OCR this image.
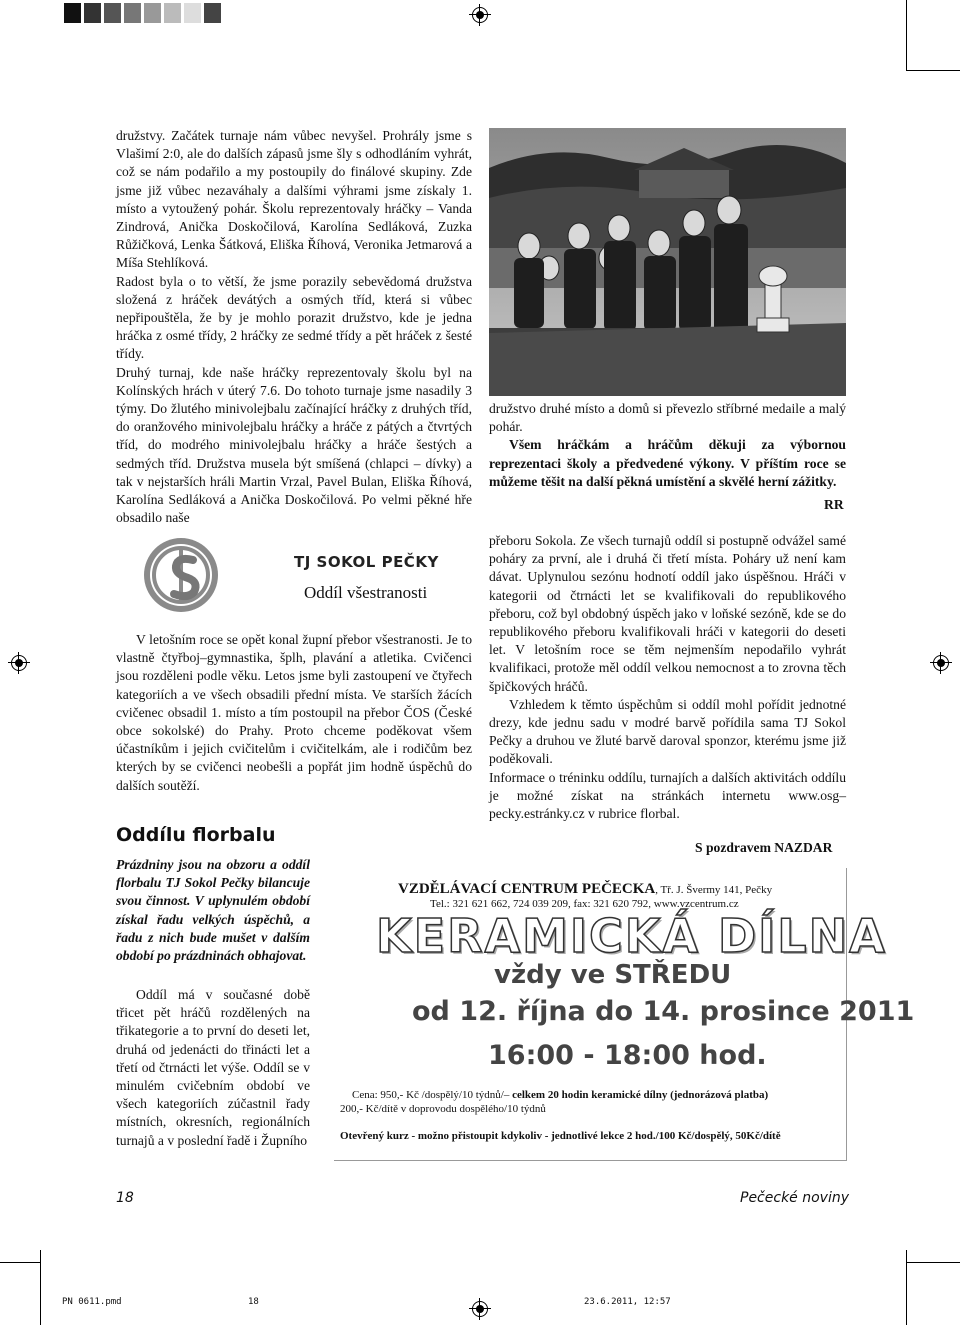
družstvy. Začátek turnaje nám vůbec nevyšel. Prohrály jsme s Vlašimí 2:0, ale do dalších zápasů jsme šly s odhodláním vyhrát, což se nám podařilo a my postoupily do finálové skupiny. Zde jsme již vůbec nezaváhaly a dalšími výhrami jsme získaly 1. místo a vytoužený pohár. Školu reprezentovaly hráčky – Vanda Zindrová, Anička Doskočilová, Karolína Sedláková, Zuzka Růžičková, Lenka Šátková, Eliška Říhová, Veronika Jetmarová a Míša Stehlíková.

Radost byla o to větší, že jsme porazily sebevědomá družstva složená z hráček devátých a osmých tříd, která si vůbec nepřipouštěla, že by je mohlo porazit družstvo, kde je jedna hráčka z osmé třídy, 2 hráčky ze sedmé třídy a pět hráček z šesté třídy.

Druhý turnaj, kde naše hráčky reprezentovaly školu byl na Kolínských hrách v úterý 7.6. Do tohoto turnaje jsme nasadily 3 týmy. Do žlutého minivolejbalu začínající hráčky z druhých tříd, do oranžového minivolejbalu hráčky a hráče z pátých a čtvrtých tříd, do modrého minivolejbalu hráčky a hráče šestých a sedmých tříd. Družstva musela být smíšená (chlapci – dívky) a tak v nejstarších hráli Martin Vrzal, Pavel Bulan, Eliška Říhová, Karolína Sedláková a Anička Doskočilová. Po velmi pěkné hře obsadilo naše

družstvo druhé místo a domů si převezlo stříbrné medaile a malý pohár.

Všem hráčkám a hráčům děkuji za výbornou reprezentaci školy a předvedené výkony. V příštím roce se můžeme těšit na další pěkná umístění a skvělé herní zážitky.

RR
TJ SOKOL PEČKY
Oddíl všestranosti

V letošním roce se opět konal župní přebor všestranosti. Je to vlastně čtyřboj–gymnastika, šplh, plavání a atletika. Cvičenci jsou rozděleni podle věku. Letos jsme byli zastoupení ve čtyřech kategoriích a ve všech obsadili přední místa. Ve starších žácích cvičenec obsadil 1. místo a tím postoupil na přebor ČOS (České obce sokolské) do Prahy. Proto chceme poděkovat všem účastníkům i jejich cvičitelům i cvičitelkám, ale i rodičům bez kterých by se cvičenci neobešli a popřát jim hodně úspěchů do dalších soutěží.

Oddílu florbalu

Prázdniny jsou na obzoru a oddíl florbalu TJ Sokol Pečky bilancuje svou činnost. V uplynulém období získal řadu velkých úspěchů, a řadu z nich bude mušet v dalším období po prázdninách obhajovat.

Oddíl má v současné době třicet pět hráčů rozdělených na třikategorie a to první do deseti let, druhá od jedenácti do třinácti let a třetí od čtrnácti let výše. Oddíl se v minulém cvičebním období ve všech kategoriích zúčastnil řady místních, okresních, regionálních turnajů a v poslední řadě i Župního

přeboru Sokola. Ze všech turnajů oddíl si postupně odvážel samé poháry za první, ale i druhá či třetí místa. Poháry už není kam dávat. Uplynulou sezónu hodnotí oddíl jako úspěšnou. Hráči v kategorii od čtrnácti let se kvalifikovali do republikového přeboru, což byl obdobný úspěch jako v loňské sezóně, kde se do republikového přeboru kvalifikovali hráči v kategorii do deseti let. V letošním roce se těm nejmenším nepodařilo vyhrát kvalifikaci, protože měl oddíl velkou nemocnost a to zrovna těch špičkových hráčů.

Vzhledem k těmto úspěchům si oddíl mohl pořídit jednotné drezy, kde jednu sadu v modré barvě pořídila sama TJ Sokol Pečky a druhou ve žluté barvě daroval sponzor, kterému jsme již poděkovali.

Informace o tréninku oddílu, turnajích a dalších aktivitách oddílu je možné získat na stránkách internetu www.osg–pecky.estránky.cz v rubrice florbal.

S pozdravem NAZDAR
VZDĚLÁVACÍ CENTRUM PEČECKA, Tř. J. Švermy 141, Pečky
Tel.: 321 621 662, 724 039 209, fax: 321 620 792, www.vzcentrum.cz
KERAMICKÁ DÍLNA
vždy ve STŘEDU
od 12. října do 14. prosince 2011
16:00 - 18:00 hod.
Cena: 950,- Kč /dospělý/10 týdnů/– celkem 20 hodin keramické dílny (jednorázová platba)
200,- Kč/dítě v doprovodu dospělého/10 týdnů
Otevřený kurz - možno přistoupit kdykoliv - jednotlivé lekce 2 hod./100 Kč/dospělý, 50Kč/dítě
18	Pečecké noviny
PN 0611.pmd	18	23.6.2011, 12:57
